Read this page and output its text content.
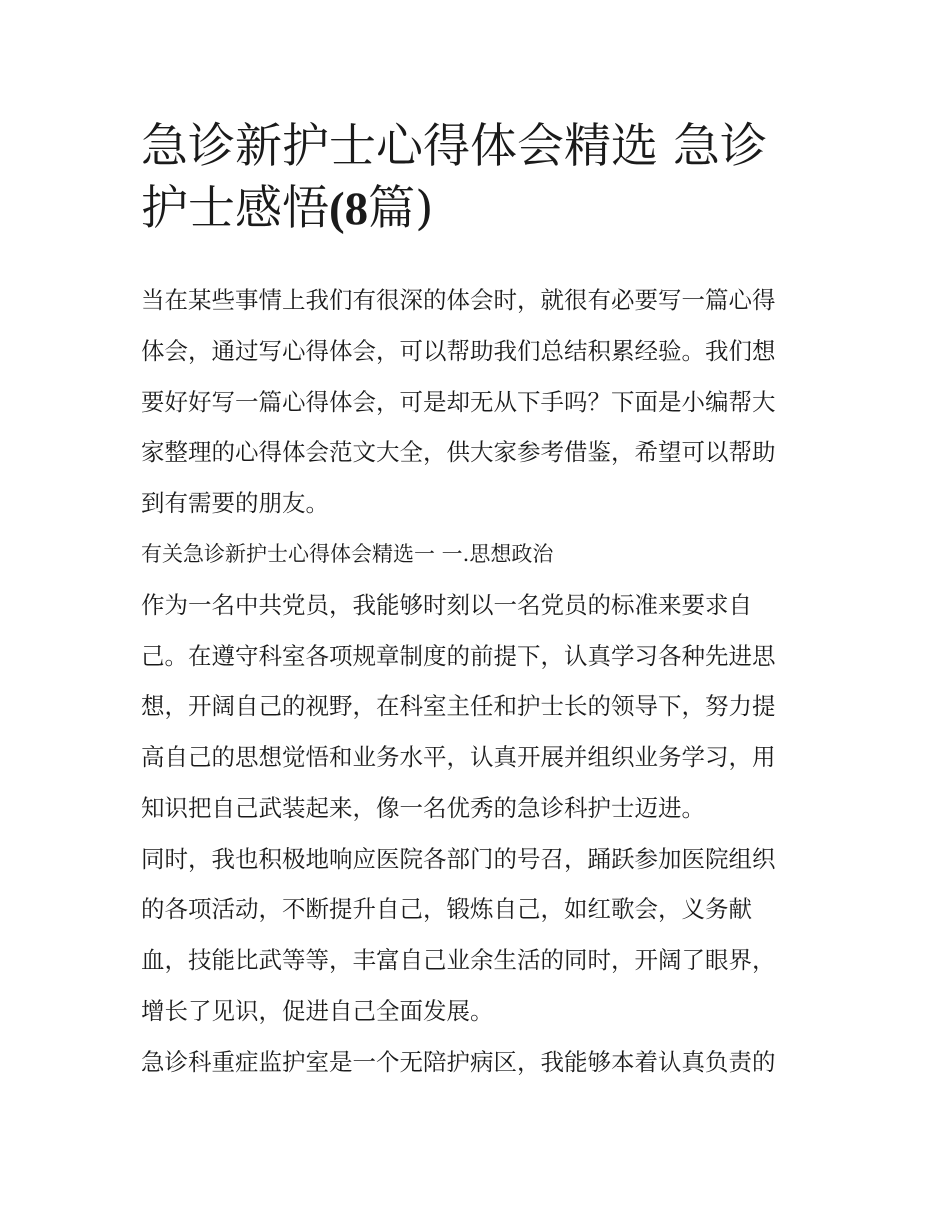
急诊新护士心得体会精选 急诊
护士感悟(8篇)

当在某些事情上我们有很深的体会时，就很有必要写一篇心得

体会，通过写心得体会，可以帮助我们总结积累经验。我们想

要好好写一篇心得体会，可是却无从下手吗？下面是小编帮大

家整理的心得体会范文大全，供大家参考借鉴，希望可以帮助

到有需要的朋友。

有关急诊新护士心得体会精选一 一.思想政治

作为一名中共党员，我能够时刻以一名党员的标准来要求自

己。在遵守科室各项规章制度的前提下，认真学习各种先进思

想，开阔自己的视野，在科室主任和护士长的领导下，努力提

高自己的思想觉悟和业务水平，认真开展并组织业务学习，用

知识把自己武装起来，像一名优秀的急诊科护士迈进。

同时，我也积极地响应医院各部门的号召，踊跃参加医院组织

的各项活动，不断提升自己，锻炼自己，如红歌会，义务献

血，技能比武等等，丰富自己业余生活的同时，开阔了眼界，

增长了见识，促进自己全面发展。

急诊科重症监护室是一个无陪护病区，我能够本着认真负责的
